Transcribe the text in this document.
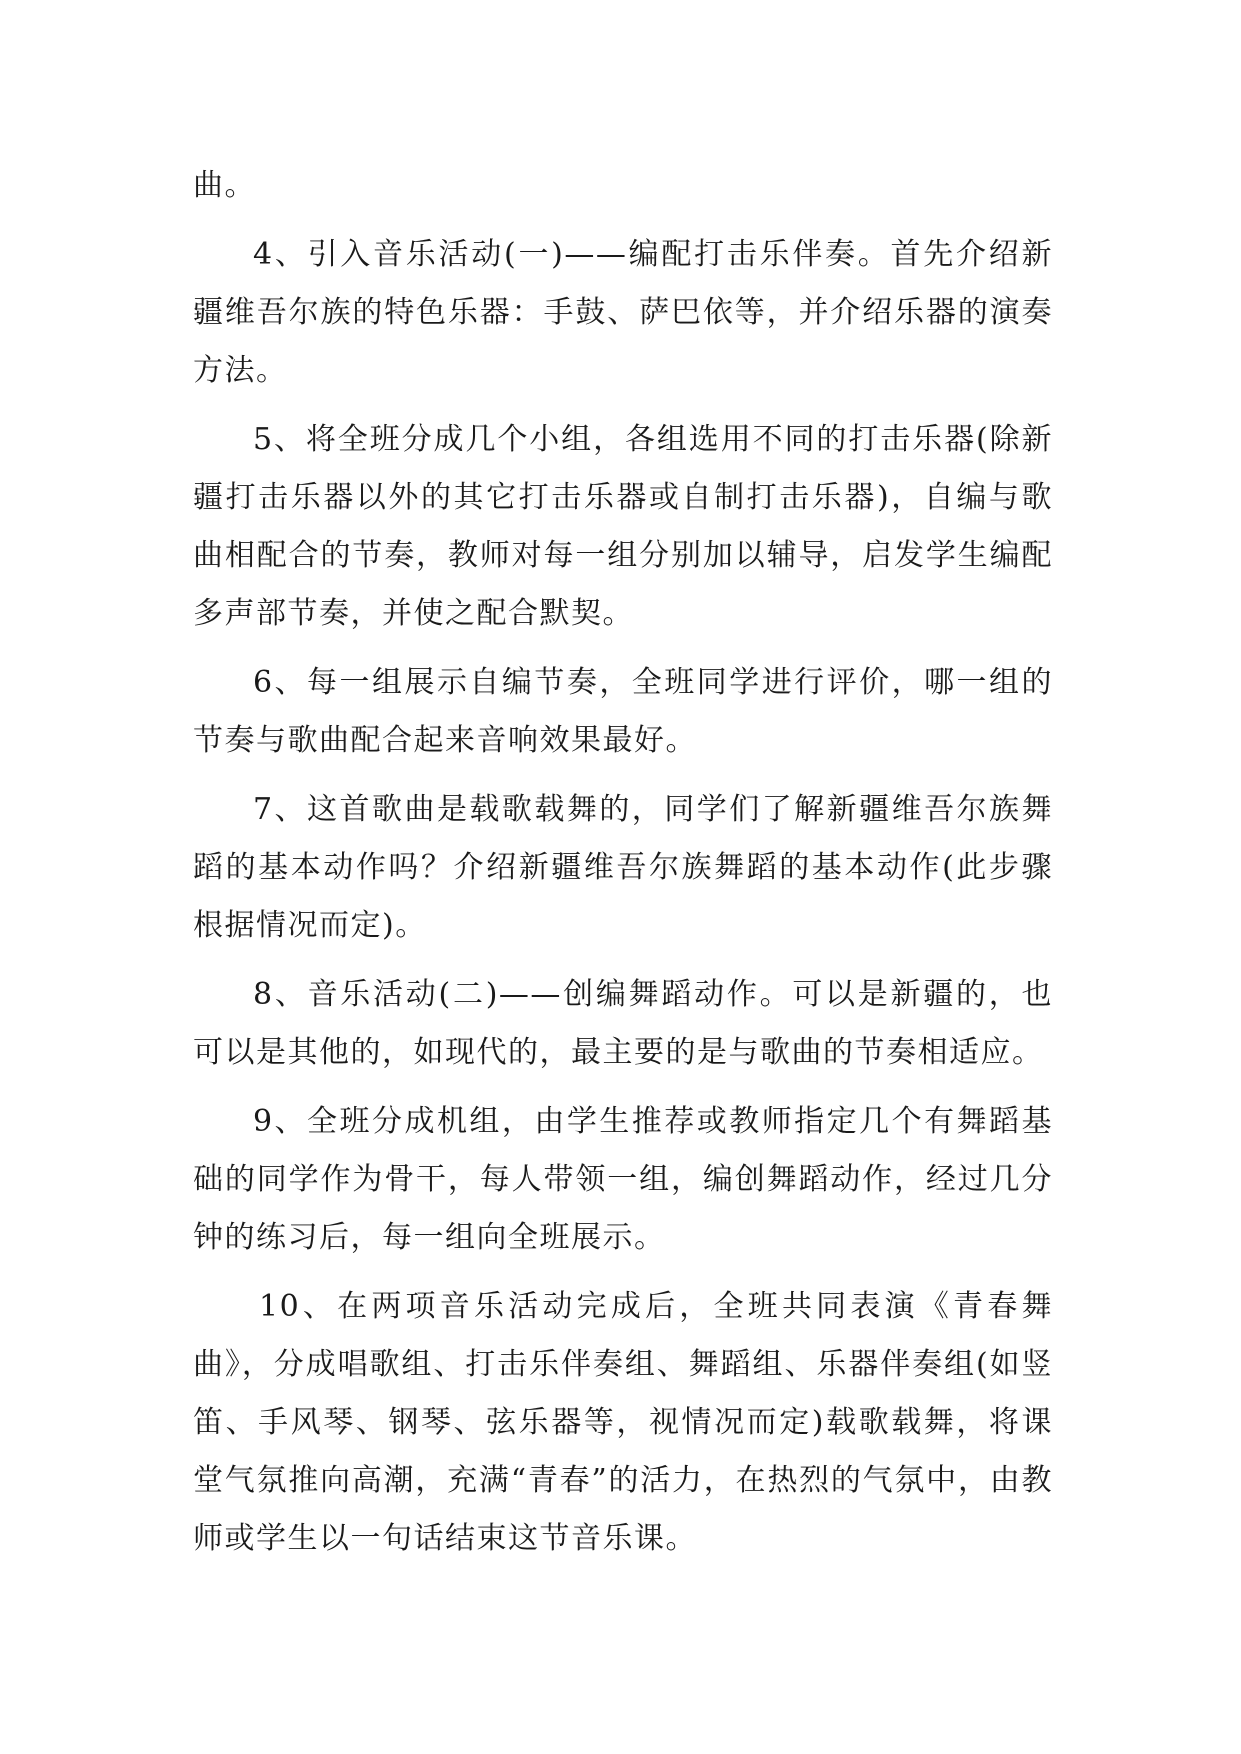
曲。

4、引入音乐活动(一)——编配打击乐伴奏。首先介绍新疆维吾尔族的特色乐器：手鼓、萨巴依等，并介绍乐器的演奏方法。

5、将全班分成几个小组，各组选用不同的打击乐器(除新疆打击乐器以外的其它打击乐器或自制打击乐器)，自编与歌曲相配合的节奏，教师对每一组分别加以辅导，启发学生编配多声部节奏，并使之配合默契。

6、每一组展示自编节奏，全班同学进行评价，哪一组的节奏与歌曲配合起来音响效果最好。

7、这首歌曲是载歌载舞的，同学们了解新疆维吾尔族舞蹈的基本动作吗？介绍新疆维吾尔族舞蹈的基本动作(此步骤根据情况而定)。

8、音乐活动(二)——创编舞蹈动作。可以是新疆的，也可以是其他的，如现代的，最主要的是与歌曲的节奏相适应。

9、全班分成机组，由学生推荐或教师指定几个有舞蹈基础的同学作为骨干，每人带领一组，编创舞蹈动作，经过几分钟的练习后，每一组向全班展示。

10、在两项音乐活动完成后，全班共同表演《青春舞曲》，分成唱歌组、打击乐伴奏组、舞蹈组、乐器伴奏组(如竖笛、手风琴、钢琴、弦乐器等，视情况而定)载歌载舞，将课堂气氛推向高潮，充满“青春”的活力，在热烈的气氛中，由教师或学生以一句话结束这节音乐课。
